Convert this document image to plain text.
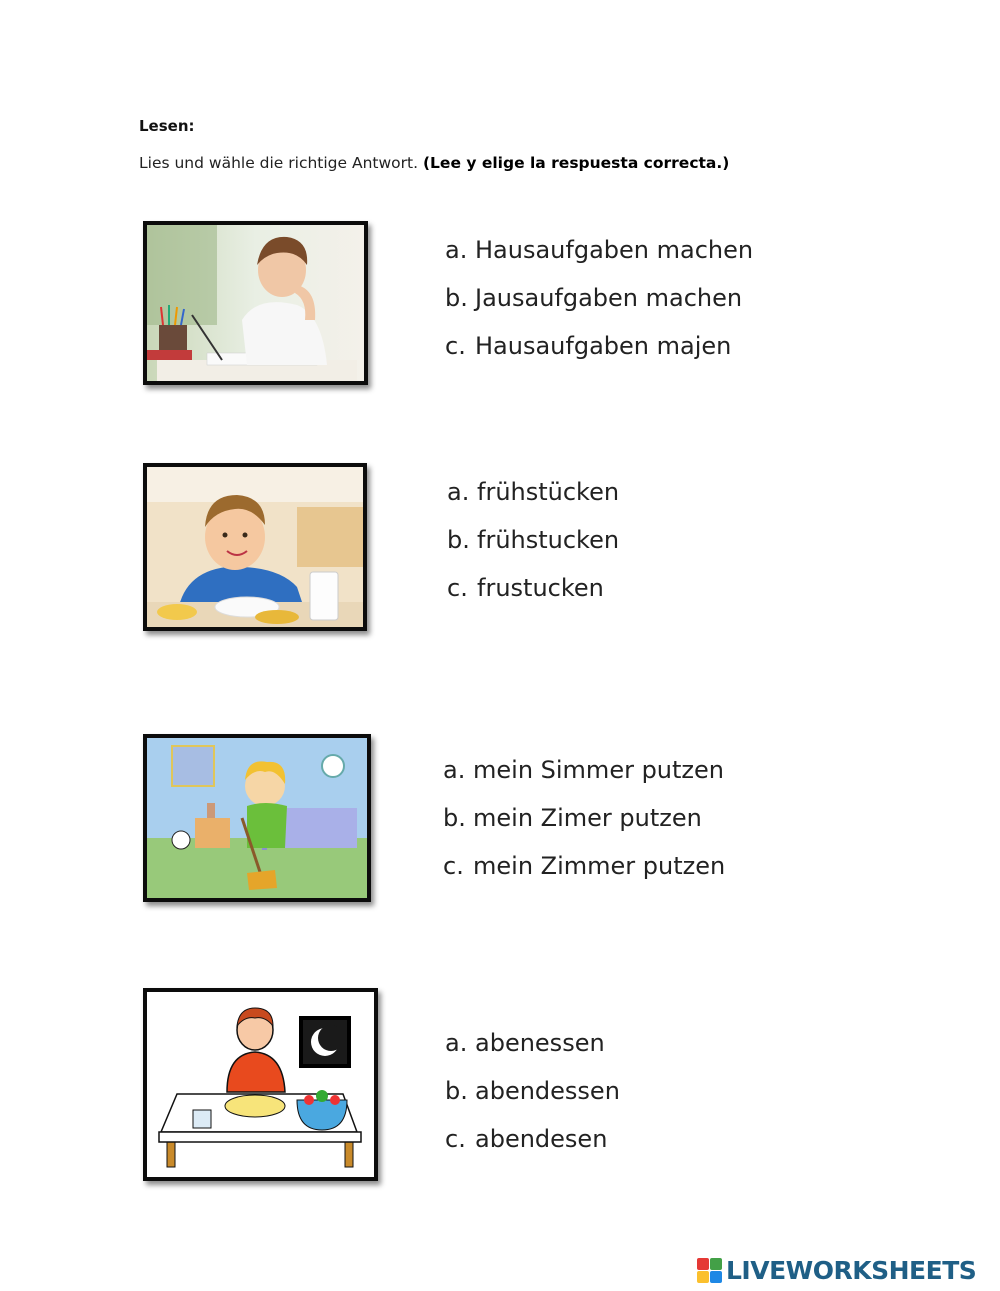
Lesen:
Lies und wähle die richtige Antwort. (Lee y elige la respuesta correcta.)
a. Hausaufgaben machen
b. Jausaufgaben machen
c. Hausaufgaben majen
a. frühstücken
b. frühstucken
c. frustucken
a. mein Simmer putzen
b. mein Zimer putzen
c. mein Zimmer putzen
a. abenessen
b. abendessen
c. abendesen
LIVEWORKSHEETS
